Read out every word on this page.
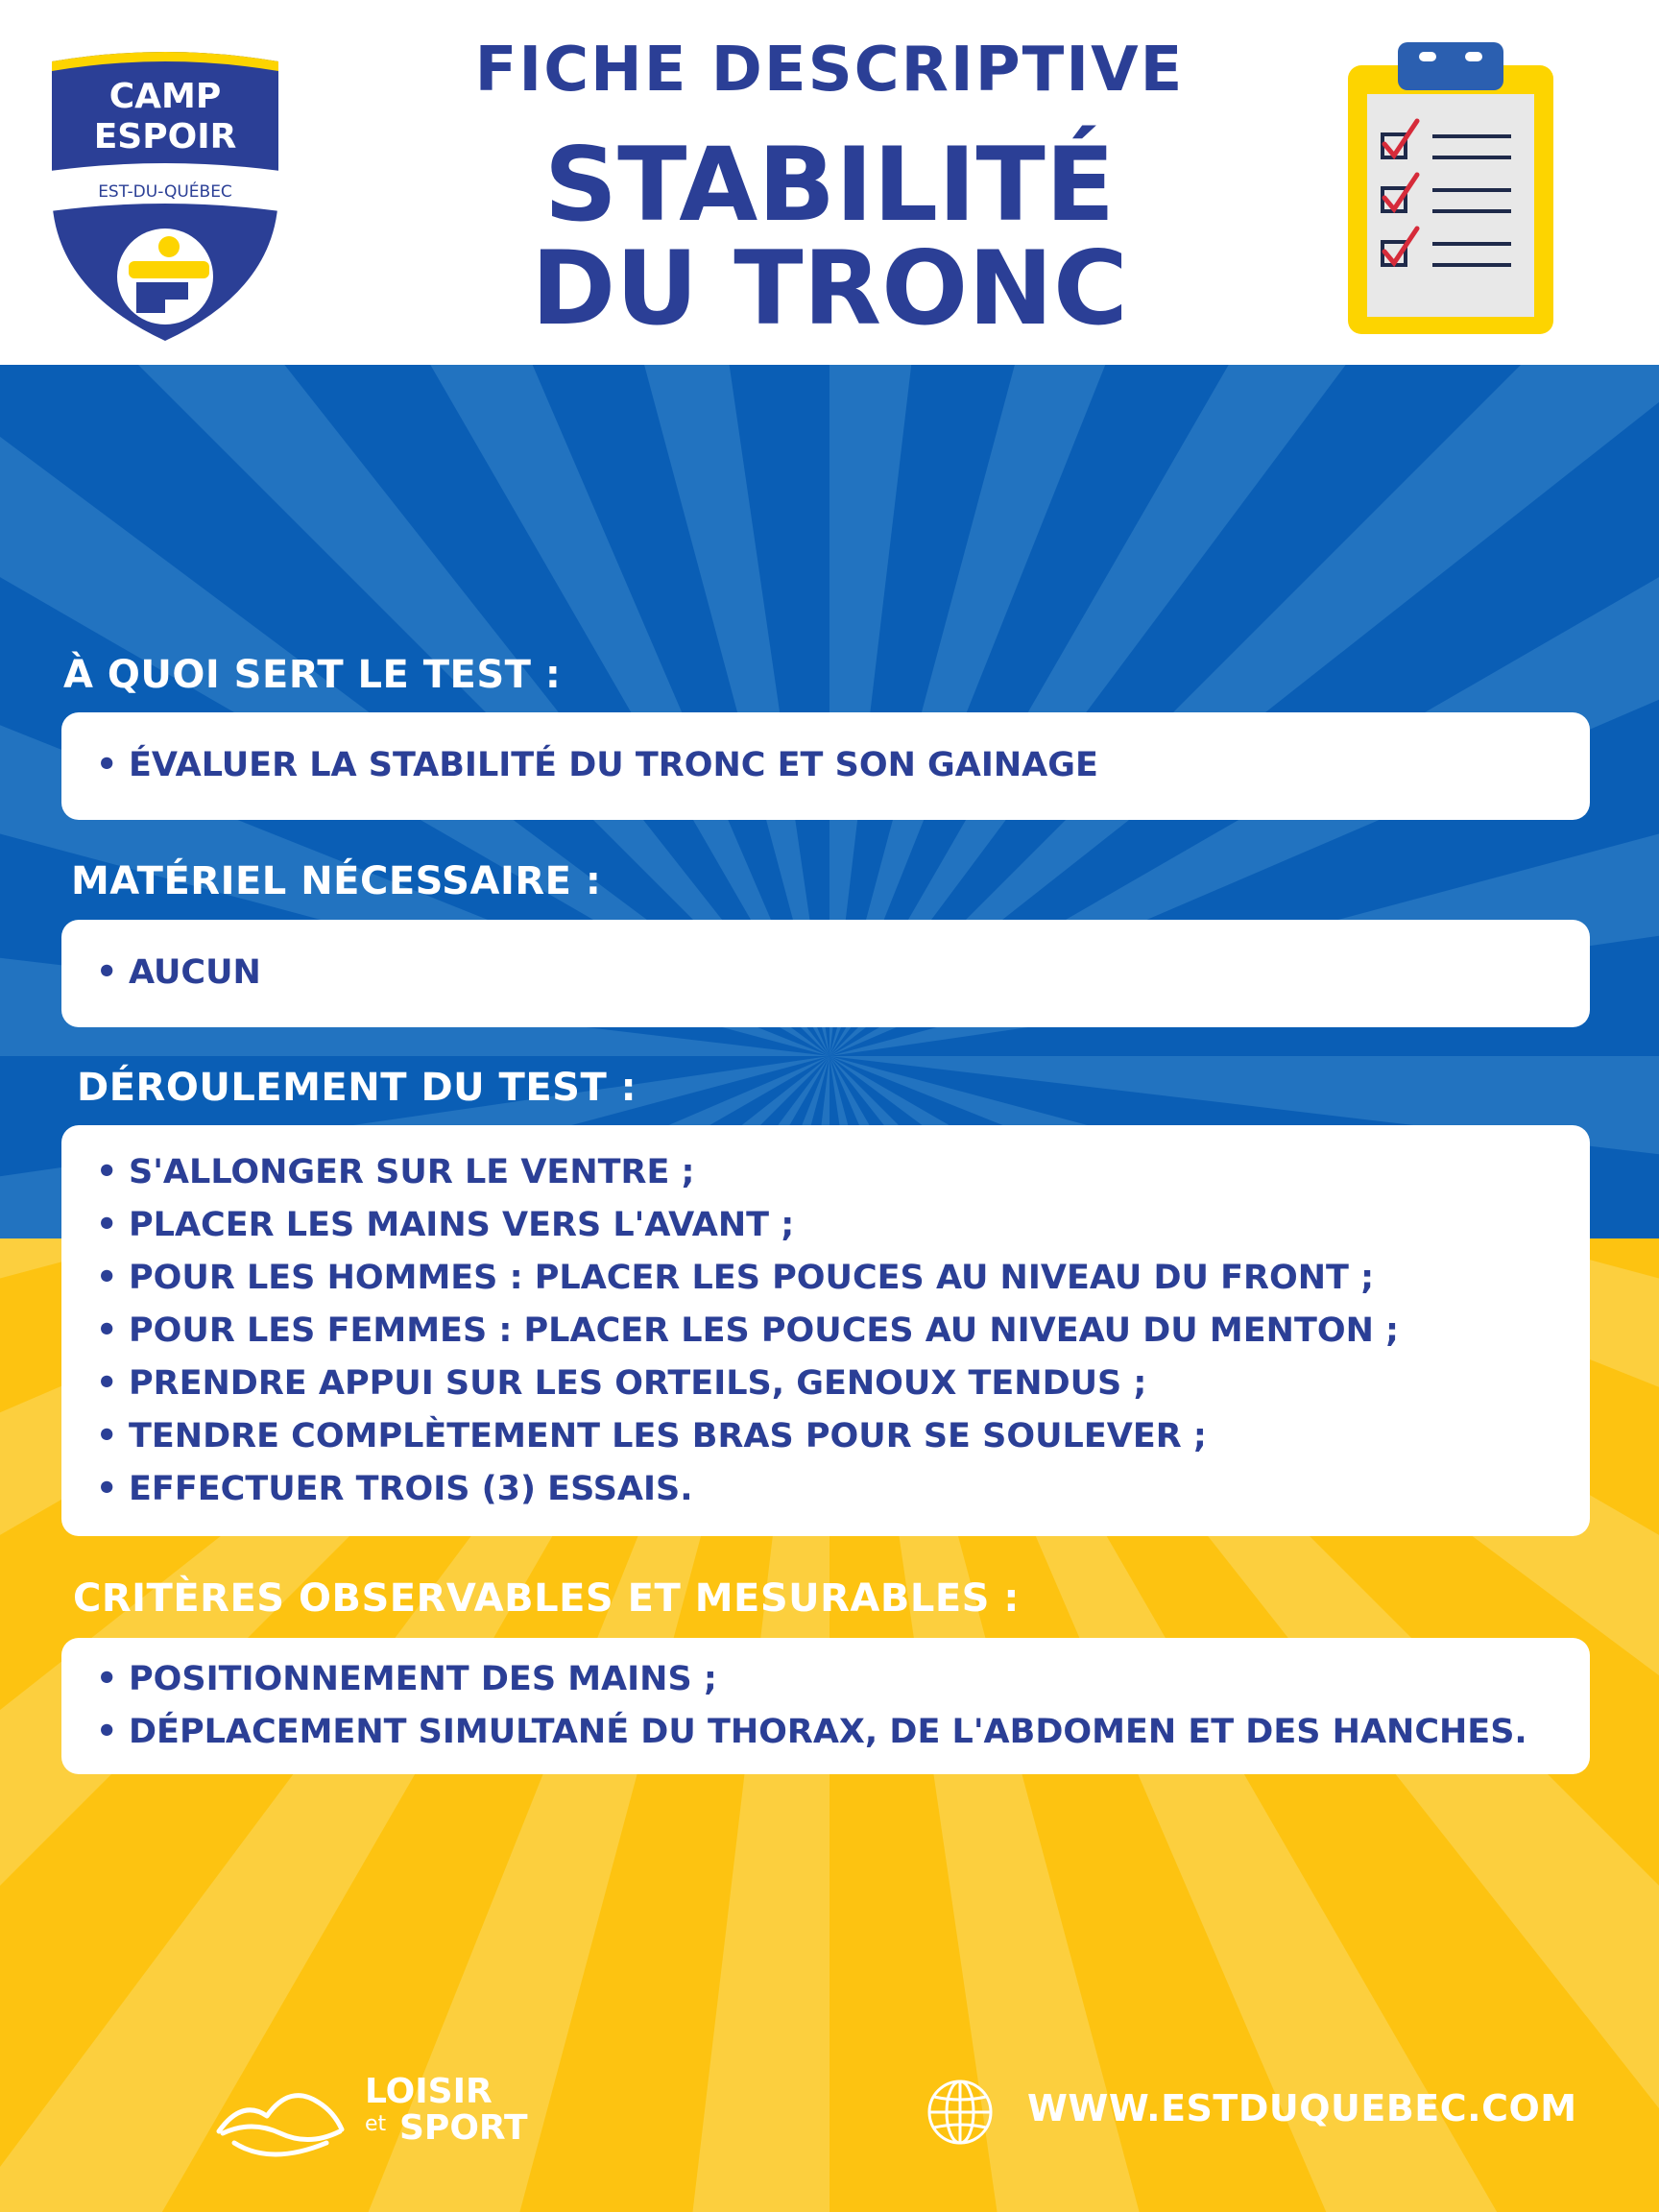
CAMP
ESPOIR
EST-DU-QUÉBEC
FICHE DESCRIPTIVE
STABILITÉ
DU TRONC
À QUOI SERT LE TEST :
• ÉVALUER LA STABILITÉ DU TRONC ET SON GAINAGE
MATÉRIEL NÉCESSAIRE :
• AUCUN
DÉROULEMENT DU TEST :
• S'ALLONGER SUR LE VENTRE ;
• PLACER LES MAINS VERS L'AVANT ;
• POUR LES HOMMES : PLACER LES POUCES AU NIVEAU DU FRONT ;
• POUR LES FEMMES : PLACER LES POUCES AU NIVEAU DU MENTON ;
• PRENDRE APPUI SUR LES ORTEILS, GENOUX TENDUS ;
• TENDRE COMPLÈTEMENT LES BRAS POUR SE SOULEVER ;
• EFFECTUER TROIS (3) ESSAIS.
CRITÈRES OBSERVABLES ET MESURABLES :
• POSITIONNEMENT DES MAINS ;
• DÉPLACEMENT SIMULTANÉ DU THORAX, DE L'ABDOMEN ET DES HANCHES.
LOISIR
et SPORT	WWW.ESTDUQUEBEC.COM
